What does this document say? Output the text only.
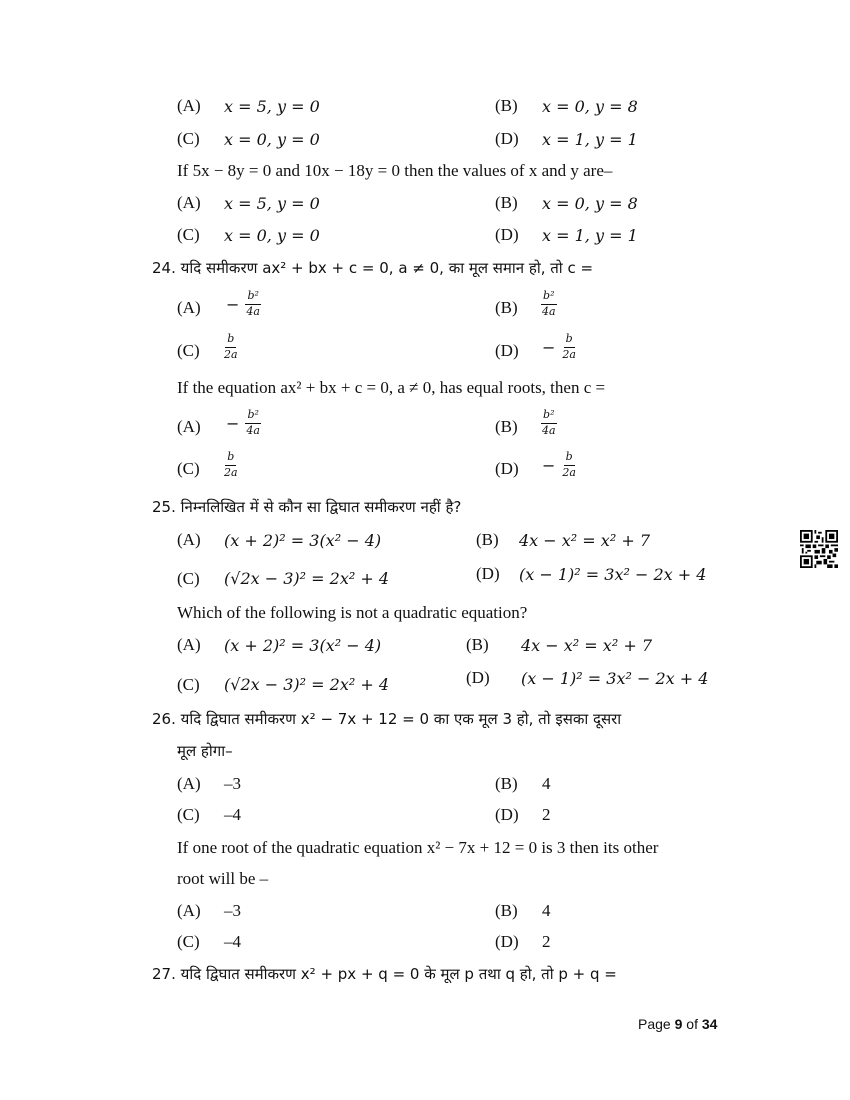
(A) x = 5, y = 0	(B) x = 0, y = 8
(C) x = 0, y = 0	(D) x = 1, y = 1
If 5x − 8y = 0 and 10x − 18y = 0 then the values of x and y are–
(A) x = 5, y = 0	(B) x = 0, y = 8
(C) x = 0, y = 0	(D) x = 1, y = 1
24. यदि समीकरण ax² + bx + c = 0, a ≠ 0, का मूल समान हो, तो c =
$(A) - \frac{\text{b²}}{4a}$	$(B) \frac{\text{b²}}{4a}$
$(C) \frac{b}{2a}$	$(D) - \frac{b}{2a}$
If the equation ax² + bx + c = 0, a ≠ 0, has equal roots, then c =
$(A) - \frac{\text{b²}}{4a}$	$(B) \frac{\text{b²}}{4a}$
$(C) \frac{b}{2a}$	$(D) - \frac{b}{2a}$
25. निम्नलिखित में से कौन सा द्विघात समीकरण नहीं है?
(A) (x + 2)² = 3(x² − 4)	(B) 4x − x² = x² + 7
(C) (√2x − 3)² = 2x² + 4	(D) (x − 1)² = 3x² − 2x + 4
Which of the following is not a quadratic equation?
(A) (x + 2)² = 3(x² − 4)	(B) 4x − x² = x² + 7
(C) (√2x − 3)² = 2x² + 4	(D) (x − 1)² = 3x² − 2x + 4
26. यदि द्विघात समीकरण x² − 7x + 12 = 0 का एक मूल 3 हो, तो इसका दूसरा
मूल होगा–
(A) –3	(B) 4
(C) –4	(D) 2
If one root of the quadratic equation x² − 7x + 12 = 0 is 3 then its other
root will be –
(A) –3	(B) 4
(C) –4	(D) 2
27. यदि द्विघात समीकरण x² + px + q = 0 के मूल p तथा q हो, तो p + q =
Page 9 of 34
